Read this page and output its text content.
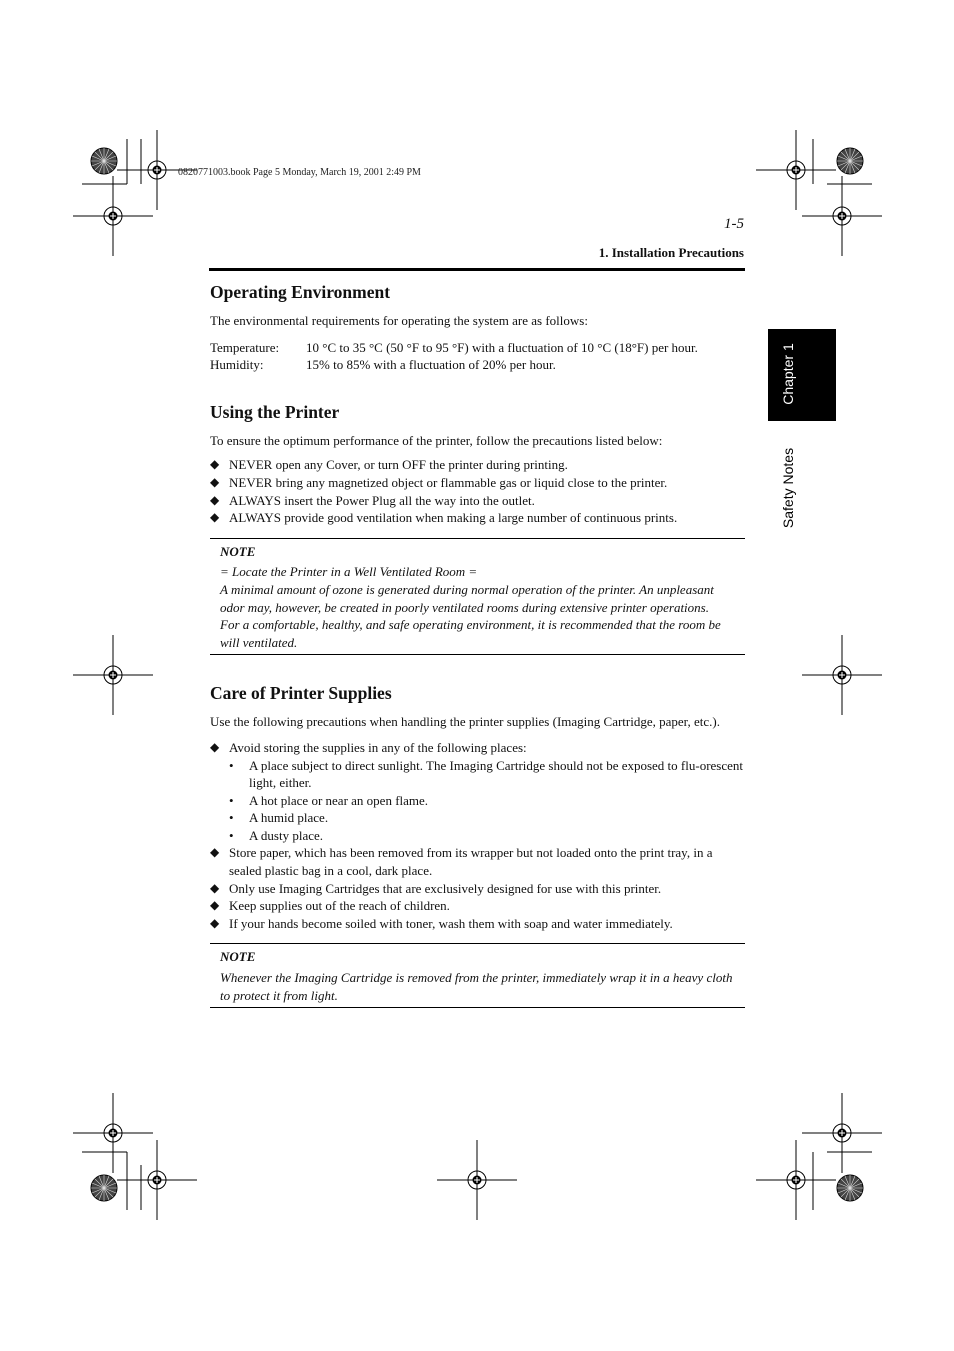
0820771003.book Page 5 Monday, March 19, 2001 2:49 PM
1-5
1. Installation Precautions
Chapter 1
Safety Notes
Operating Environment

The environmental requirements for operating the system are as follows:

Temperature:	10 °C to 35 °C (50 °F to 95 °F) with a fluctuation of 10 °C (18°F) per hour.
Humidity:	15% to 85% with a fluctuation of 20% per hour.
Using the Printer

To ensure the optimum performance of the printer, follow the precautions listed below:

◆ NEVER open any Cover, or turn OFF the printer during printing.
◆ NEVER bring any magnetized object or flammable gas or liquid close to the printer.
◆ ALWAYS insert the Power Plug all the way into the outlet.
◆ ALWAYS provide good ventilation when making a large number of continuous prints.
NOTE

= Locate the Printer in a Well Ventilated Room =

A minimal amount of ozone is generated during normal operation of the printer. An unpleasant odor may, however, be created in poorly ventilated rooms during extensive printer operations.

For a comfortable, healthy, and safe operating environment, it is recommended that the room be will ventilated.

Care of Printer Supplies

Use the following precautions when handling the printer supplies (Imaging Cartridge, paper, etc.).

◆ Avoid storing the supplies in any of the following places:
• A place subject to direct sunlight. The Imaging Cartridge should not be exposed to flu-orescent light, either.
• A hot place or near an open flame.
• A humid place.
• A dusty place.
◆ Store paper, which has been removed from its wrapper but not loaded onto the print tray, in a sealed plastic bag in a cool, dark place.
◆ Only use Imaging Cartridges that are exclusively designed for use with this printer.
◆ Keep supplies out of the reach of children.
◆ If your hands become soiled with toner, wash them with soap and water immediately.
NOTE

Whenever the Imaging Cartridge is removed from the printer, immediately wrap it in a heavy cloth to protect it from light.
